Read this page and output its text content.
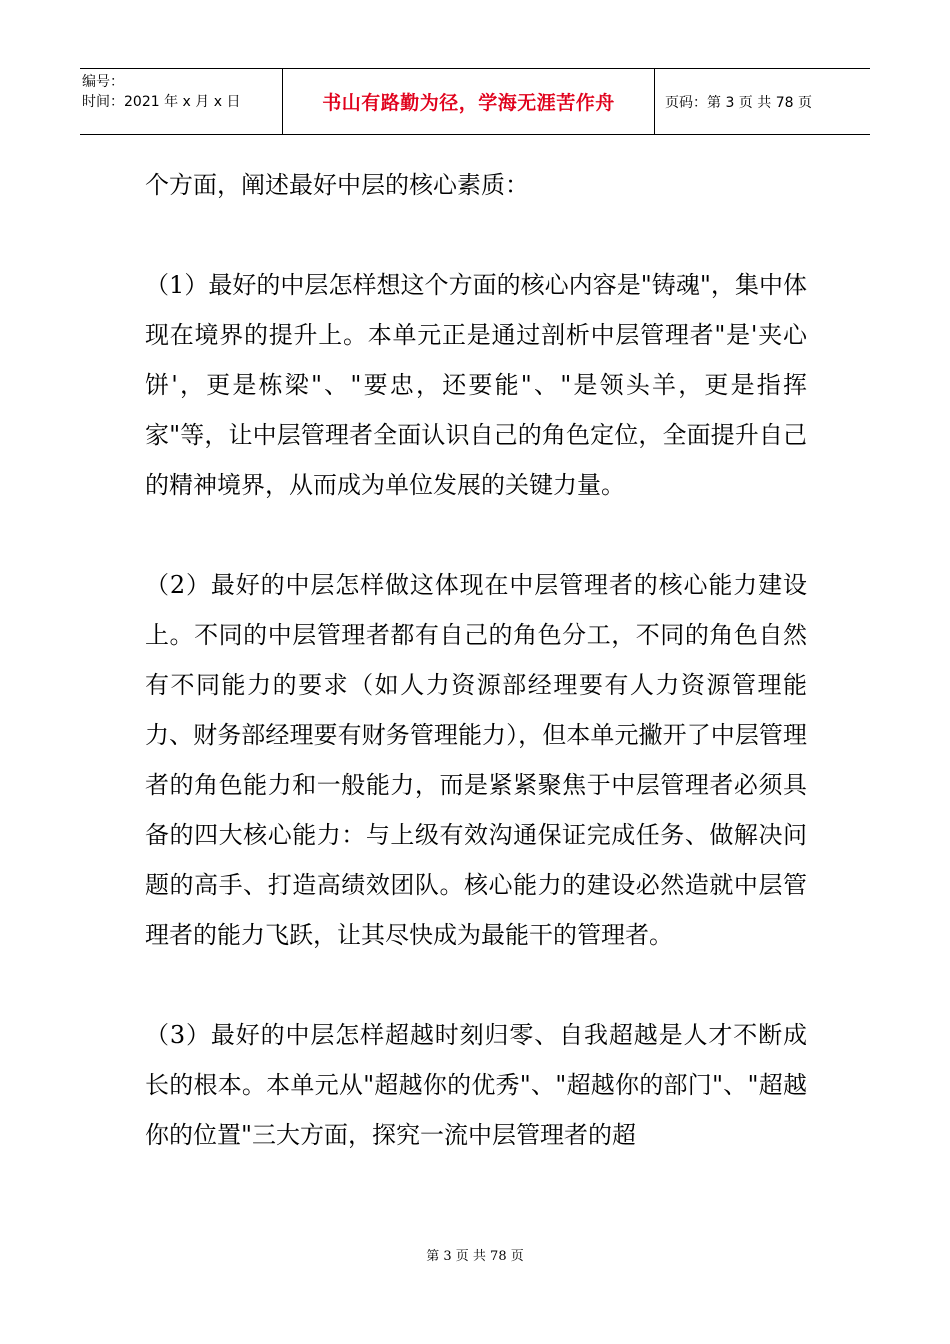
编号：
时间：2021 年 x 月 x 日	书山有路勤为径，学海无涯苦作舟	页码：第 3 页 共 78 页

个方面，阐述最好中层的核心素质：

（1）最好的中层怎样想这个方面的核心内容是"铸魂"，集中体现在境界的提升上。本单元正是通过剖析中层管理者"是'夹心饼'，更是栋梁"、"要忠，还要能"、"是领头羊，更是指挥家"等，让中层管理者全面认识自己的角色定位，全面提升自己的精神境界，从而成为单位发展的关键力量。

（2）最好的中层怎样做这体现在中层管理者的核心能力建设上。不同的中层管理者都有自己的角色分工，不同的角色自然有不同能力的要求（如人力资源部经理要有人力资源管理能力、财务部经理要有财务管理能力），但本单元撇开了中层管理者的角色能力和一般能力，而是紧紧聚焦于中层管理者必须具备的四大核心能力：与上级有效沟通保证完成任务、做解决问题的高手、打造高绩效团队。核心能力的建设必然造就中层管理者的能力飞跃，让其尽快成为最能干的管理者。

（3）最好的中层怎样超越时刻归零、自我超越是人才不断成长的根本。本单元从"超越你的优秀"、"超越你的部门"、"超越你的位置"三大方面，探究一流中层管理者的超

第 3 页 共 78 页
